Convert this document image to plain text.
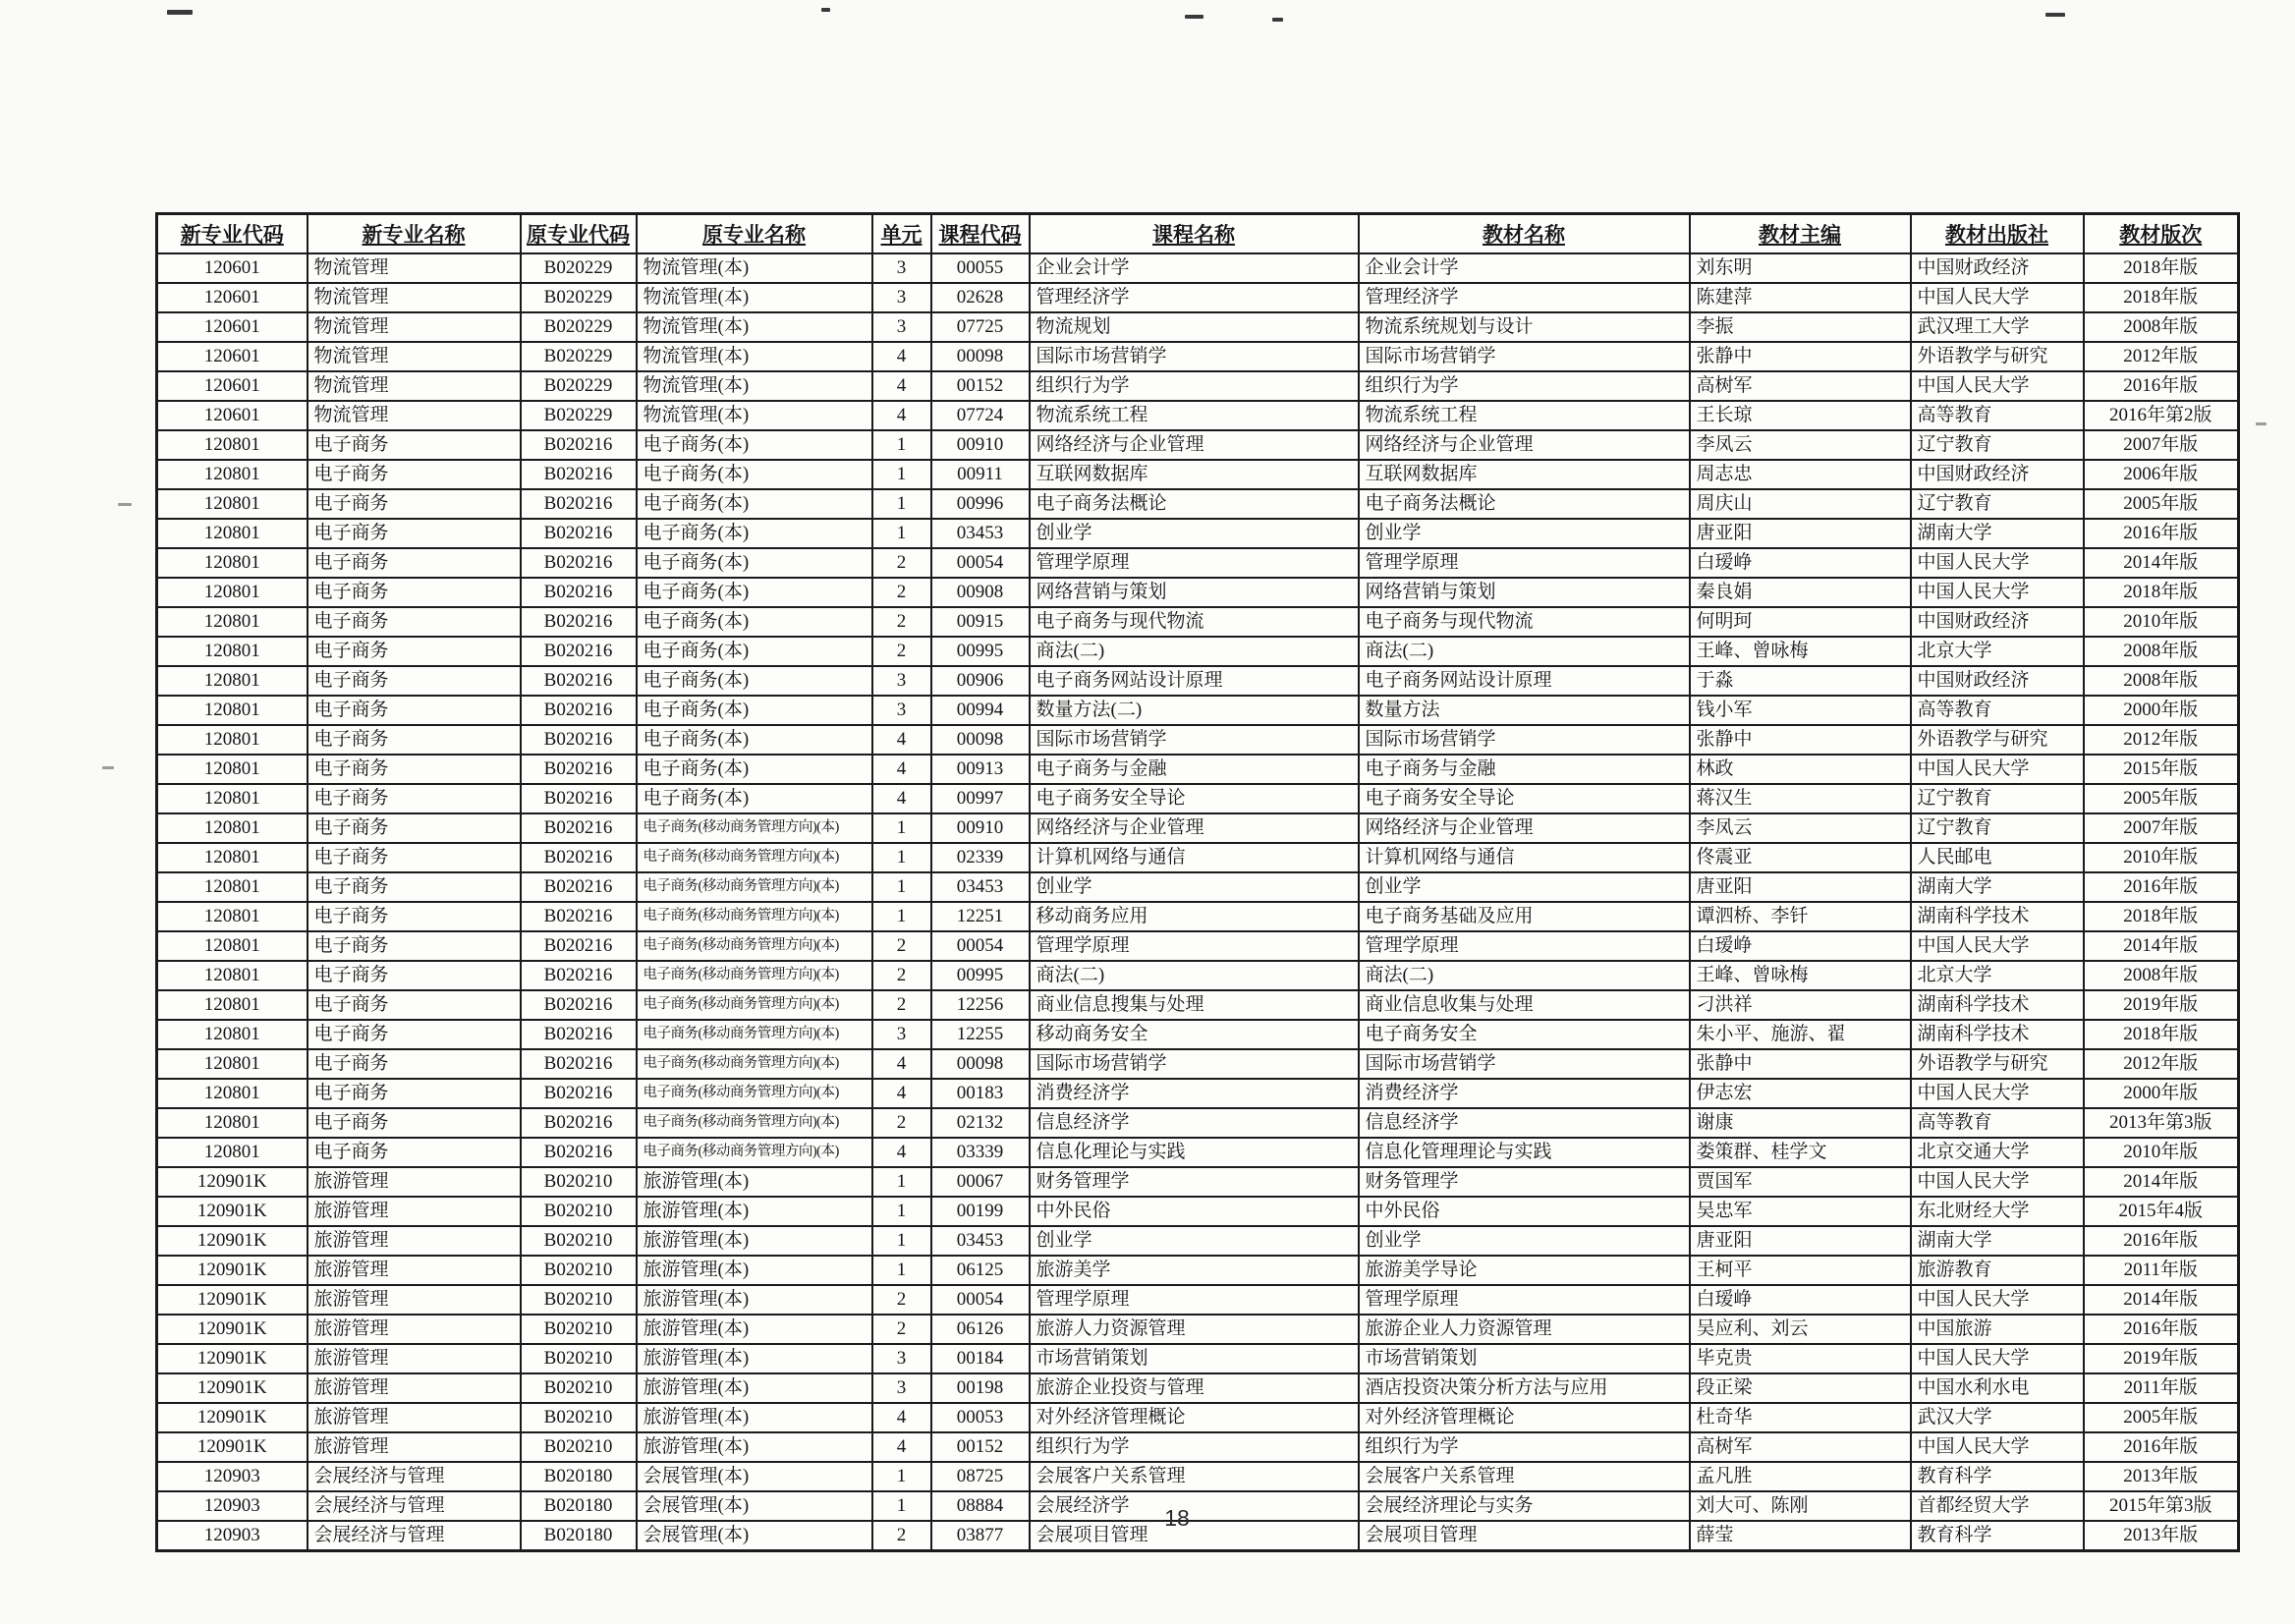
新专业代码	新专业名称	原专业代码	原专业名称	单元	课程代码	课程名称	教材名称	教材主编	教材出版社	教材版次
120601	物流管理	B020229	物流管理(本)	3	00055	企业会计学	企业会计学	刘东明	中国财政经济	2018年版
120601	物流管理	B020229	物流管理(本)	3	02628	管理经济学	管理经济学	陈建萍	中国人民大学	2018年版
120601	物流管理	B020229	物流管理(本)	3	07725	物流规划	物流系统规划与设计	李振	武汉理工大学	2008年版
120601	物流管理	B020229	物流管理(本)	4	00098	国际市场营销学	国际市场营销学	张静中	外语教学与研究	2012年版
120601	物流管理	B020229	物流管理(本)	4	00152	组织行为学	组织行为学	高树军	中国人民大学	2016年版
120601	物流管理	B020229	物流管理(本)	4	07724	物流系统工程	物流系统工程	王长琼	高等教育	2016年第2版
120801	电子商务	B020216	电子商务(本)	1	00910	网络经济与企业管理	网络经济与企业管理	李凤云	辽宁教育	2007年版
120801	电子商务	B020216	电子商务(本)	1	00911	互联网数据库	互联网数据库	周志忠	中国财政经济	2006年版
120801	电子商务	B020216	电子商务(本)	1	00996	电子商务法概论	电子商务法概论	周庆山	辽宁教育	2005年版
120801	电子商务	B020216	电子商务(本)	1	03453	创业学	创业学	唐亚阳	湖南大学	2016年版
120801	电子商务	B020216	电子商务(本)	2	00054	管理学原理	管理学原理	白瑷峥	中国人民大学	2014年版
120801	电子商务	B020216	电子商务(本)	2	00908	网络营销与策划	网络营销与策划	秦良娟	中国人民大学	2018年版
120801	电子商务	B020216	电子商务(本)	2	00915	电子商务与现代物流	电子商务与现代物流	何明珂	中国财政经济	2010年版
120801	电子商务	B020216	电子商务(本)	2	00995	商法(二)	商法(二)	王峰、曾咏梅	北京大学	2008年版
120801	电子商务	B020216	电子商务(本)	3	00906	电子商务网站设计原理	电子商务网站设计原理	于淼	中国财政经济	2008年版
120801	电子商务	B020216	电子商务(本)	3	00994	数量方法(二)	数量方法	钱小军	高等教育	2000年版
120801	电子商务	B020216	电子商务(本)	4	00098	国际市场营销学	国际市场营销学	张静中	外语教学与研究	2012年版
120801	电子商务	B020216	电子商务(本)	4	00913	电子商务与金融	电子商务与金融	林政	中国人民大学	2015年版
120801	电子商务	B020216	电子商务(本)	4	00997	电子商务安全导论	电子商务安全导论	蒋汉生	辽宁教育	2005年版
120801	电子商务	B020216	电子商务(移动商务管理方向)(本)	1	00910	网络经济与企业管理	网络经济与企业管理	李凤云	辽宁教育	2007年版
120801	电子商务	B020216	电子商务(移动商务管理方向)(本)	1	02339	计算机网络与通信	计算机网络与通信	佟震亚	人民邮电	2010年版
120801	电子商务	B020216	电子商务(移动商务管理方向)(本)	1	03453	创业学	创业学	唐亚阳	湖南大学	2016年版
120801	电子商务	B020216	电子商务(移动商务管理方向)(本)	1	12251	移动商务应用	电子商务基础及应用	谭泗桥、李钎	湖南科学技术	2018年版
120801	电子商务	B020216	电子商务(移动商务管理方向)(本)	2	00054	管理学原理	管理学原理	白瑷峥	中国人民大学	2014年版
120801	电子商务	B020216	电子商务(移动商务管理方向)(本)	2	00995	商法(二)	商法(二)	王峰、曾咏梅	北京大学	2008年版
120801	电子商务	B020216	电子商务(移动商务管理方向)(本)	2	12256	商业信息搜集与处理	商业信息收集与处理	刁洪祥	湖南科学技术	2019年版
120801	电子商务	B020216	电子商务(移动商务管理方向)(本)	3	12255	移动商务安全	电子商务安全	朱小平、施游、翟	湖南科学技术	2018年版
120801	电子商务	B020216	电子商务(移动商务管理方向)(本)	4	00098	国际市场营销学	国际市场营销学	张静中	外语教学与研究	2012年版
120801	电子商务	B020216	电子商务(移动商务管理方向)(本)	4	00183	消费经济学	消费经济学	伊志宏	中国人民大学	2000年版
120801	电子商务	B020216	电子商务(移动商务管理方向)(本)	2	02132	信息经济学	信息经济学	谢康	高等教育	2013年第3版
120801	电子商务	B020216	电子商务(移动商务管理方向)(本)	4	03339	信息化理论与实践	信息化管理理论与实践	娄策群、桂学文	北京交通大学	2010年版
120901K	旅游管理	B020210	旅游管理(本)	1	00067	财务管理学	财务管理学	贾国军	中国人民大学	2014年版
120901K	旅游管理	B020210	旅游管理(本)	1	00199	中外民俗	中外民俗	吴忠军	东北财经大学	2015年4版
120901K	旅游管理	B020210	旅游管理(本)	1	03453	创业学	创业学	唐亚阳	湖南大学	2016年版
120901K	旅游管理	B020210	旅游管理(本)	1	06125	旅游美学	旅游美学导论	王柯平	旅游教育	2011年版
120901K	旅游管理	B020210	旅游管理(本)	2	00054	管理学原理	管理学原理	白瑷峥	中国人民大学	2014年版
120901K	旅游管理	B020210	旅游管理(本)	2	06126	旅游人力资源管理	旅游企业人力资源管理	吴应利、刘云	中国旅游	2016年版
120901K	旅游管理	B020210	旅游管理(本)	3	00184	市场营销策划	市场营销策划	毕克贵	中国人民大学	2019年版
120901K	旅游管理	B020210	旅游管理(本)	3	00198	旅游企业投资与管理	酒店投资决策分析方法与应用	段正梁	中国水利水电	2011年版
120901K	旅游管理	B020210	旅游管理(本)	4	00053	对外经济管理概论	对外经济管理概论	杜奇华	武汉大学	2005年版
120901K	旅游管理	B020210	旅游管理(本)	4	00152	组织行为学	组织行为学	高树军	中国人民大学	2016年版
120903	会展经济与管理	B020180	会展管理(本)	1	08725	会展客户关系管理	会展客户关系管理	孟凡胜	教育科学	2013年版
120903	会展经济与管理	B020180	会展管理(本)	1	08884	会展经济学	会展经济理论与实务	刘大可、陈刚	首都经贸大学	2015年第3版
120903	会展经济与管理	B020180	会展管理(本)	2	03877	会展项目管理	会展项目管理	薛莹	教育科学	2013年版
18
